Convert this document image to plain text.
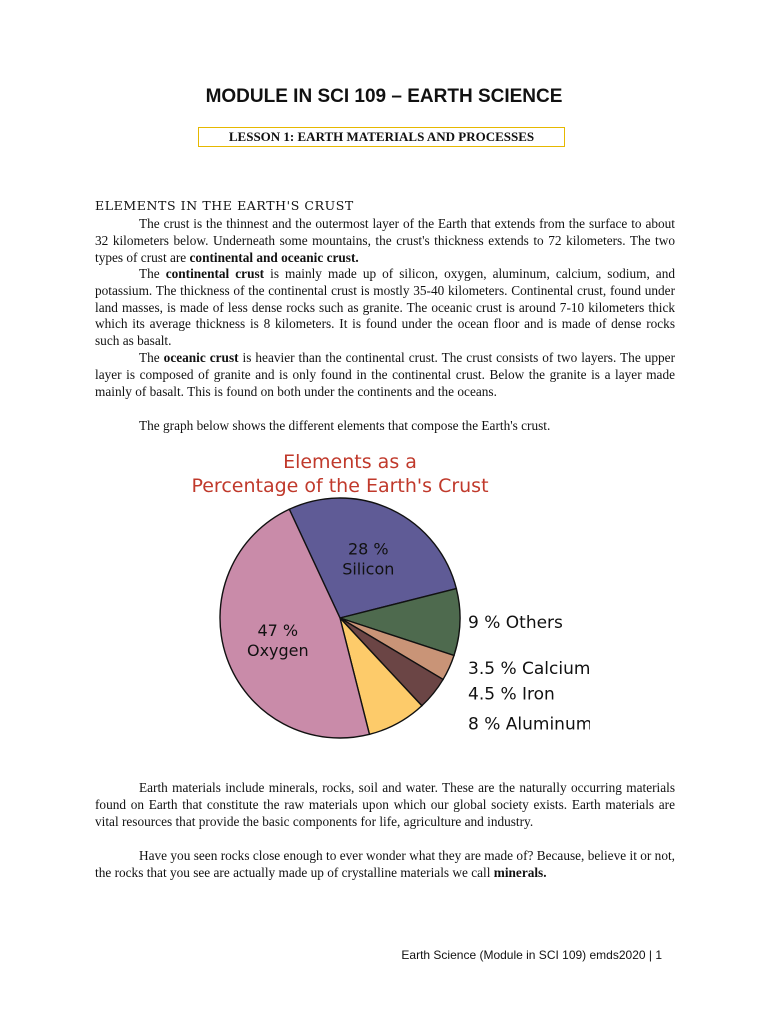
MODULE IN SCI 109 – EARTH SCIENCE
LESSON 1: EARTH MATERIALS AND PROCESSES
ELEMENTS IN THE EARTH'S CRUST

The crust is the thinnest and the outermost layer of the Earth that extends from the surface to about 32 kilometers below. Underneath some mountains, the crust's thickness extends to 72 kilometers. The two types of crust are continental and oceanic crust.

The continental crust is mainly made up of silicon, oxygen, aluminum, calcium, sodium, and potassium. The thickness of the continental crust is mostly 35-40 kilometers. Continental crust, found under land masses, is made of less dense rocks such as granite. The oceanic crust is around 7-10 kilometers thick which its average thickness is 8 kilometers. It is found under the ocean floor and is made of dense rocks such as basalt.

The oceanic crust is heavier than the continental crust. The crust consists of two layers. The upper layer is composed of granite and is only found in the continental crust. Below the granite is a layer made mainly of basalt. This is found on both under the continents and the oceans.

The graph below shows the different elements that compose the Earth's crust.

Elements as a
Percentage of the Earth's Crust
28 %
Silicon
9 % Others
3.5 % Calcium
4.5 % Iron
8 % Aluminum
47 %
Oxygen

Earth materials include minerals, rocks, soil and water. These are the naturally occurring materials found on Earth that constitute the raw materials upon which our global society exists. Earth materials are vital resources that provide the basic components for life, agriculture and industry.

Have you seen rocks close enough to ever wonder what they are made of? Because, believe it or not, the rocks that you see are actually made up of crystalline materials we call minerals.

Earth Science (Module in SCI 109) emds2020 | 1
